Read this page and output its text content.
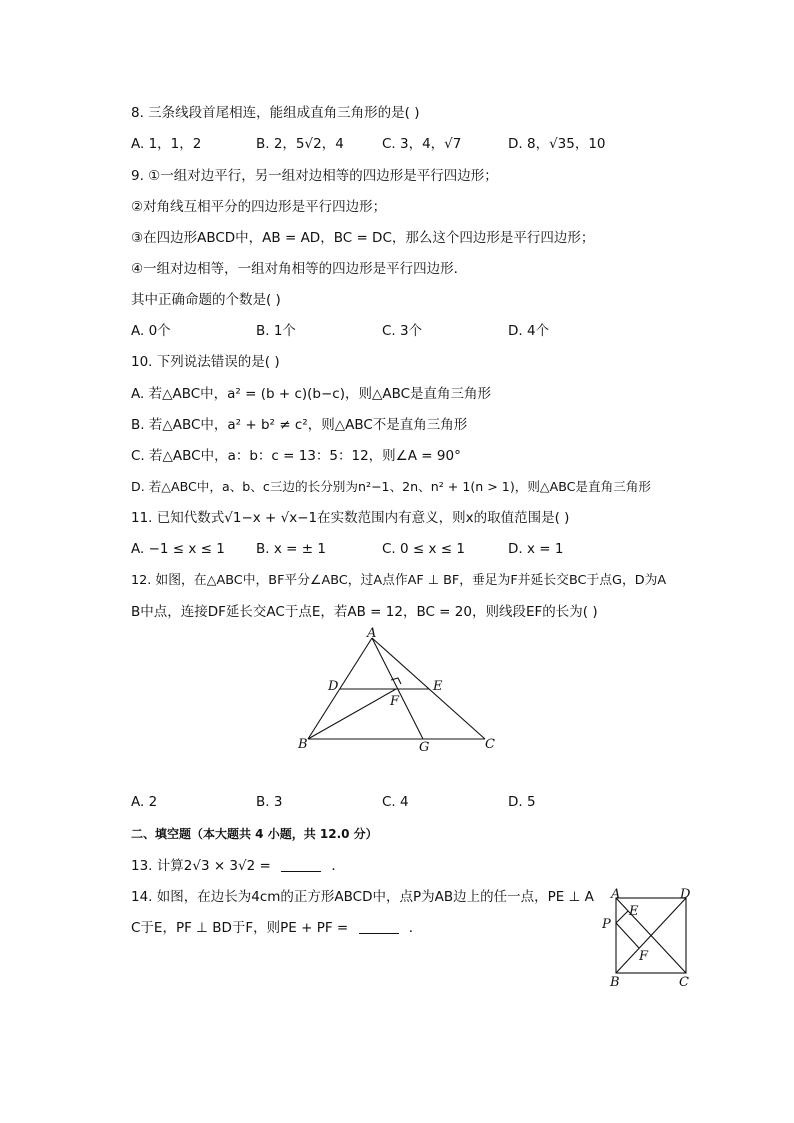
8. 三条线段首尾相连，能组成直角三角形的是( )
A. 1，1，2	B. 2，5√2，4	C. 3，4，√7	D. 8，√35，10
9. ①一组对边平行，另一组对边相等的四边形是平行四边形；
②对角线互相平分的四边形是平行四边形；
③在四边形ABCD中，AB = AD，BC = DC，那么这个四边形是平行四边形；
④一组对边相等，一组对角相等的四边形是平行四边形．
其中正确命题的个数是( )
A. 0个	B. 1个	C. 3个	D. 4个
10. 下列说法错误的是( )
A. 若△ABC中，a² = (b + c)(b−c)，则△ABC是直角三角形
B. 若△ABC中，a² + b² ≠ c²，则△ABC不是直角三角形
C. 若△ABC中，a：b：c = 13：5：12，则∠A = 90°
D. 若△ABC中，a、b、c三边的长分别为n²−1、2n、n² + 1(n > 1)，则△ABC是直角三角形
11. 已知代数式√1−x + √x−1在实数范围内有意义，则x的取值范围是( )
A. −1 ≤ x ≤ 1 B. x = ± 1	C. 0 ≤ x ≤ 1	D. x = 1
12. 如图，在△ABC中，BF平分∠ABC，过A点作AF ⊥ BF，垂足为F并延长交BC于点G，D为A
B中点，连接DF延长交AC于点E，若AB = 12，BC = 20，则线段EF的长为( )
A
D	E
F
B	G	C
A. 2	B. 3	C. 4	D. 5
二、填空题（本大题共 4 小题，共 12.0 分）
13. 计算2√3 × 3√2 =	．
14. 如图，在边长为4cm的正方形ABCD中，点P为AB边上的任一点，PE ⊥ A
C于E，PF ⊥ BD于F，则PE + PF =	．
A	D
E
P
F
B	C
